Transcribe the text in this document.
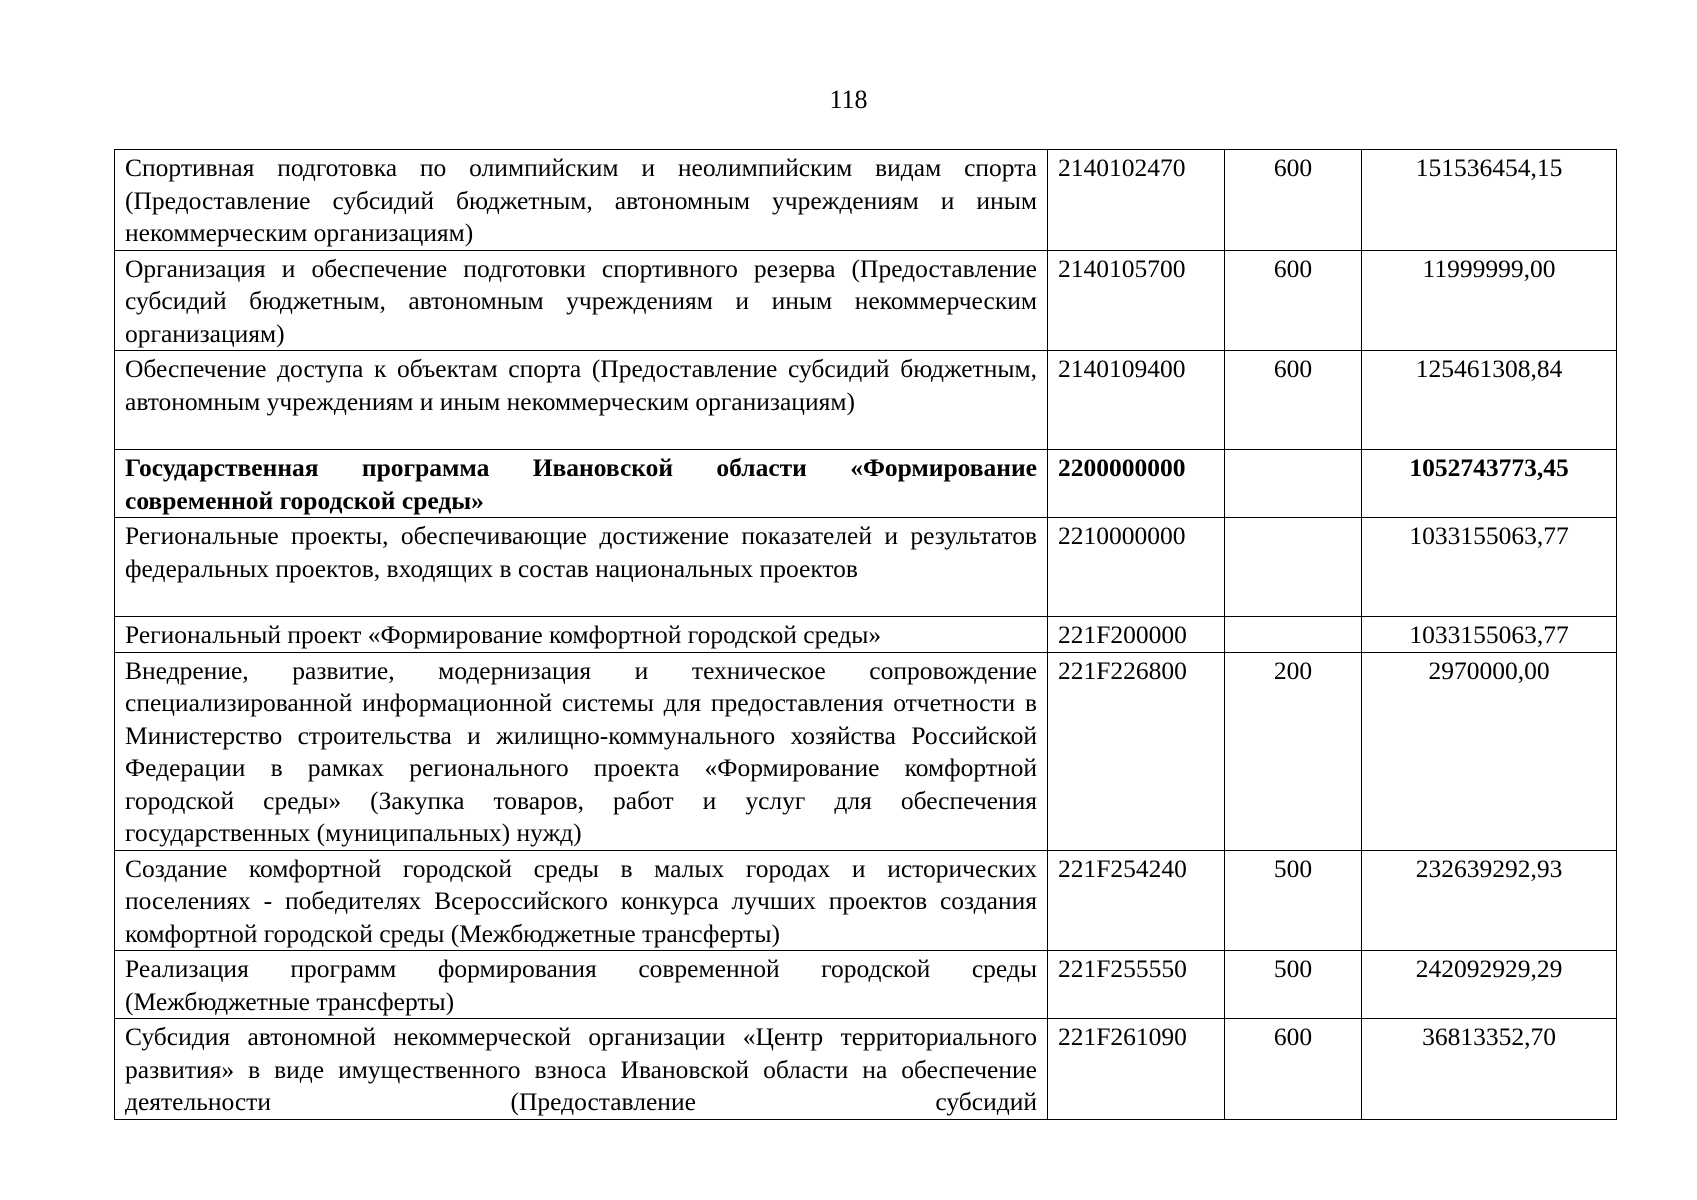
118
Спортивная подготовка по олимпийским и неолимпийским видам спорта (Предоставление субсидий бюджетным, автономным учреждениям и иным некоммерческим организациям)	2140102470	600	151536454,15
Организация и обеспечение подготовки спортивного резерва (Предоставление субсидий бюджетным, автономным учреждениям и иным некоммерческим организациям)	2140105700	600	11999999,00
Обеспечение доступа к объектам спорта (Предоставление субсидий бюджетным, автономным учреждениям и иным некоммерческим организациям)	2140109400	600	125461308,84
Государственная программа Ивановской области «Формирование современной городской среды»	2200000000		1052743773,45
Региональные проекты, обеспечивающие достижение показателей и результатов федеральных проектов, входящих в состав национальных проектов	2210000000		1033155063,77
Региональный проект «Формирование комфортной городской среды»	221F200000		1033155063,77
Внедрение, развитие, модернизация и техническое сопровождение специализированной информационной системы для предоставления отчетности в Министерство строительства и жилищно-коммунального хозяйства Российской Федерации в рамках регионального проекта «Формирование комфортной городской среды» (Закупка товаров, работ и услуг для обеспечения государственных (муниципальных) нужд)	221F226800	200	2970000,00
Создание комфортной городской среды в малых городах и исторических поселениях - победителях Всероссийского конкурса лучших проектов создания комфортной городской среды (Межбюджетные трансферты)	221F254240	500	232639292,93
Реализация программ формирования современной городской среды (Межбюджетные трансферты)	221F255550	500	242092929,29
Субсидия автономной некоммерческой организации «Центр территориального развития» в виде имущественного взноса Ивановской области на обеспечение деятельности (Предоставление субсидий	221F261090	600	36813352,70
